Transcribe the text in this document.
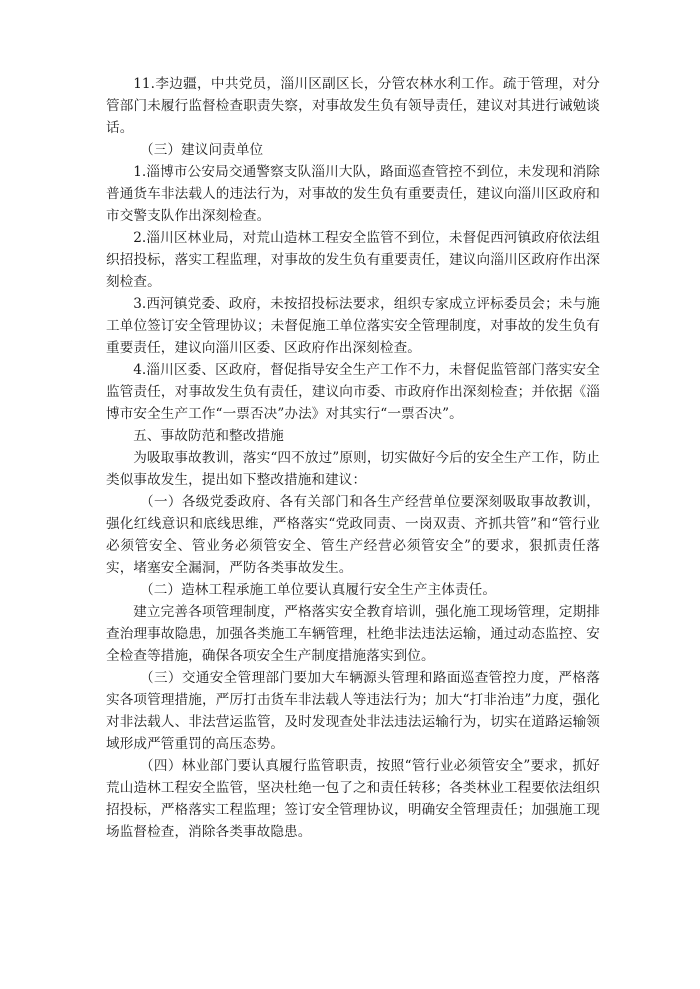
11.李边疆，中共党员，淄川区副区长，分管农林水利工作。疏于管理，对分管部门未履行监督检查职责失察，对事故发生负有领导责任，建议对其进行诫勉谈话。

（三）建议问责单位

1.淄博市公安局交通警察支队淄川大队，路面巡查管控不到位，未发现和消除普通货车非法载人的违法行为，对事故的发生负有重要责任，建议向淄川区政府和市交警支队作出深刻检查。

2.淄川区林业局，对荒山造林工程安全监管不到位，未督促西河镇政府依法组织招投标，落实工程监理，对事故的发生负有重要责任，建议向淄川区政府作出深刻检查。

3.西河镇党委、政府，未按招投标法要求，组织专家成立评标委员会；未与施工单位签订安全管理协议；未督促施工单位落实安全管理制度，对事故的发生负有重要责任，建议向淄川区委、区政府作出深刻检查。

4.淄川区委、区政府，督促指导安全生产工作不力，未督促监管部门落实安全监管责任，对事故发生负有责任，建议向市委、市政府作出深刻检查；并依据《淄博市安全生产工作“一票否决”办法》对其实行“一票否决”。

五、事故防范和整改措施

为吸取事故教训，落实“四不放过”原则，切实做好今后的安全生产工作，防止类似事故发生，提出如下整改措施和建议：

（一）各级党委政府、各有关部门和各生产经营单位要深刻吸取事故教训，强化红线意识和底线思维，严格落实“党政同责、一岗双责、齐抓共管”和“管行业必须管安全、管业务必须管安全、管生产经营必须管安全”的要求，狠抓责任落实，堵塞安全漏洞，严防各类事故发生。

（二）造林工程承施工单位要认真履行安全生产主体责任。

建立完善各项管理制度，严格落实安全教育培训，强化施工现场管理，定期排查治理事故隐患，加强各类施工车辆管理，杜绝非法违法运输，通过动态监控、安全检查等措施，确保各项安全生产制度措施落实到位。

（三）交通安全管理部门要加大车辆源头管理和路面巡查管控力度，严格落实各项管理措施，严厉打击货车非法载人等违法行为；加大“打非治违”力度，强化对非法载人、非法营运监管，及时发现查处非法违法运输行为，切实在道路运输领域形成严管重罚的高压态势。

（四）林业部门要认真履行监管职责，按照“管行业必须管安全”要求，抓好荒山造林工程安全监管，坚决杜绝一包了之和责任转移；各类林业工程要依法组织招投标，严格落实工程监理；签订安全管理协议，明确安全管理责任；加强施工现场监督检查，消除各类事故隐患。
